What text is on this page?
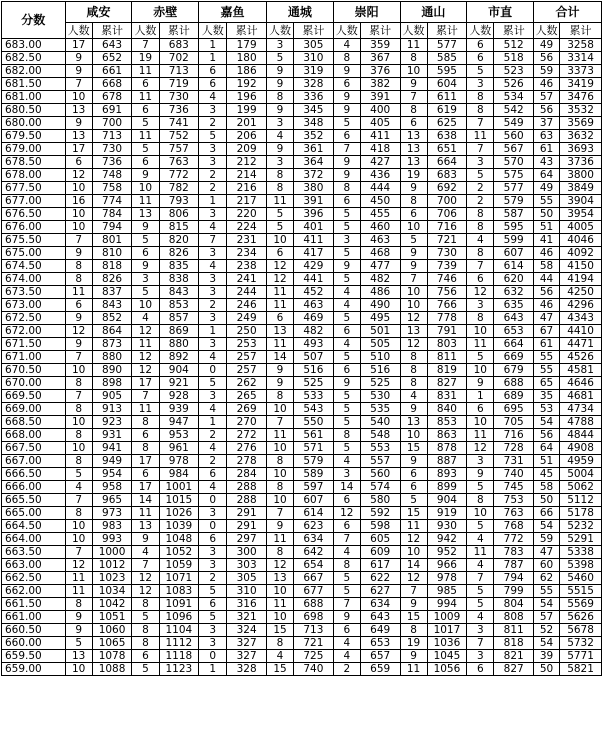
分数	咸安		赤壁		嘉鱼		通城		崇阳		通山		市直		合计	
	人数	累计	人数	累计	人数	累计	人数	累计	人数	累计	人数	累计	人数	累计	人数	累计
683.00	17	643	7	683	1	179	3	305	4	359	11	577	6	512	49	3258
682.50	9	652	19	702	1	180	5	310	8	367	8	585	6	518	56	3314
682.00	9	661	11	713	6	186	9	319	9	376	10	595	5	523	59	3373
681.50	7	668	6	719	6	192	9	328	6	382	9	604	3	526	46	3419
681.00	10	678	11	730	4	196	8	336	9	391	7	611	8	534	57	3476
680.50	13	691	6	736	3	199	9	345	9	400	8	619	8	542	56	3532
680.00	9	700	5	741	2	201	3	348	5	405	6	625	7	549	37	3569
679.50	13	713	11	752	5	206	4	352	6	411	13	638	11	560	63	3632
679.00	17	730	5	757	3	209	9	361	7	418	13	651	7	567	61	3693
678.50	6	736	6	763	3	212	3	364	9	427	13	664	3	570	43	3736
678.00	12	748	9	772	2	214	8	372	9	436	19	683	5	575	64	3800
677.50	10	758	10	782	2	216	8	380	8	444	9	692	2	577	49	3849
677.00	16	774	11	793	1	217	11	391	6	450	8	700	2	579	55	3904
676.50	10	784	13	806	3	220	5	396	5	455	6	706	8	587	50	3954
676.00	10	794	9	815	4	224	5	401	5	460	10	716	8	595	51	4005
675.50	7	801	5	820	7	231	10	411	3	463	5	721	4	599	41	4046
675.00	9	810	6	826	3	234	6	417	5	468	9	730	8	607	46	4092
674.50	8	818	9	835	4	238	12	429	9	477	9	739	7	614	58	4150
674.00	8	826	3	838	3	241	12	441	5	482	7	746	6	620	44	4194
673.50	11	837	5	843	3	244	11	452	4	486	10	756	12	632	56	4250
673.00	6	843	10	853	2	246	11	463	4	490	10	766	3	635	46	4296
672.50	9	852	4	857	3	249	6	469	5	495	12	778	8	643	47	4343
672.00	12	864	12	869	1	250	13	482	6	501	13	791	10	653	67	4410
671.50	9	873	11	880	3	253	11	493	4	505	12	803	11	664	61	4471
671.00	7	880	12	892	4	257	14	507	5	510	8	811	5	669	55	4526
670.50	10	890	12	904	0	257	9	516	6	516	8	819	10	679	55	4581
670.00	8	898	17	921	5	262	9	525	9	525	8	827	9	688	65	4646
669.50	7	905	7	928	3	265	8	533	5	530	4	831	1	689	35	4681
669.00	8	913	11	939	4	269	10	543	5	535	9	840	6	695	53	4734
668.50	10	923	8	947	1	270	7	550	5	540	13	853	10	705	54	4788
668.00	8	931	6	953	2	272	11	561	8	548	10	863	11	716	56	4844
667.50	10	941	8	961	4	276	10	571	5	553	15	878	12	728	64	4908
667.00	8	949	17	978	2	278	8	579	4	557	9	887	3	731	51	4959
666.50	5	954	6	984	6	284	10	589	3	560	6	893	9	740	45	5004
666.00	4	958	17	1001	4	288	8	597	14	574	6	899	5	745	58	5062
665.50	7	965	14	1015	0	288	10	607	6	580	5	904	8	753	50	5112
665.00	8	973	11	1026	3	291	7	614	12	592	15	919	10	763	66	5178
664.50	10	983	13	1039	0	291	9	623	6	598	11	930	5	768	54	5232
664.00	10	993	9	1048	6	297	11	634	7	605	12	942	4	772	59	5291
663.50	7	1000	4	1052	3	300	8	642	4	609	10	952	11	783	47	5338
663.00	12	1012	7	1059	3	303	12	654	8	617	14	966	4	787	60	5398
662.50	11	1023	12	1071	2	305	13	667	5	622	12	978	7	794	62	5460
662.00	11	1034	12	1083	5	310	10	677	5	627	7	985	5	799	55	5515
661.50	8	1042	8	1091	6	316	11	688	7	634	9	994	5	804	54	5569
661.00	9	1051	5	1096	5	321	10	698	9	643	15	1009	4	808	57	5626
660.50	9	1060	8	1104	3	324	15	713	6	649	8	1017	3	811	52	5678
660.00	5	1065	8	1112	3	327	8	721	4	653	19	1036	7	818	54	5732
659.50	13	1078	6	1118	0	327	4	725	4	657	9	1045	3	821	39	5771
659.00	10	1088	5	1123	1	328	15	740	2	659	11	1056	6	827	50	5821
